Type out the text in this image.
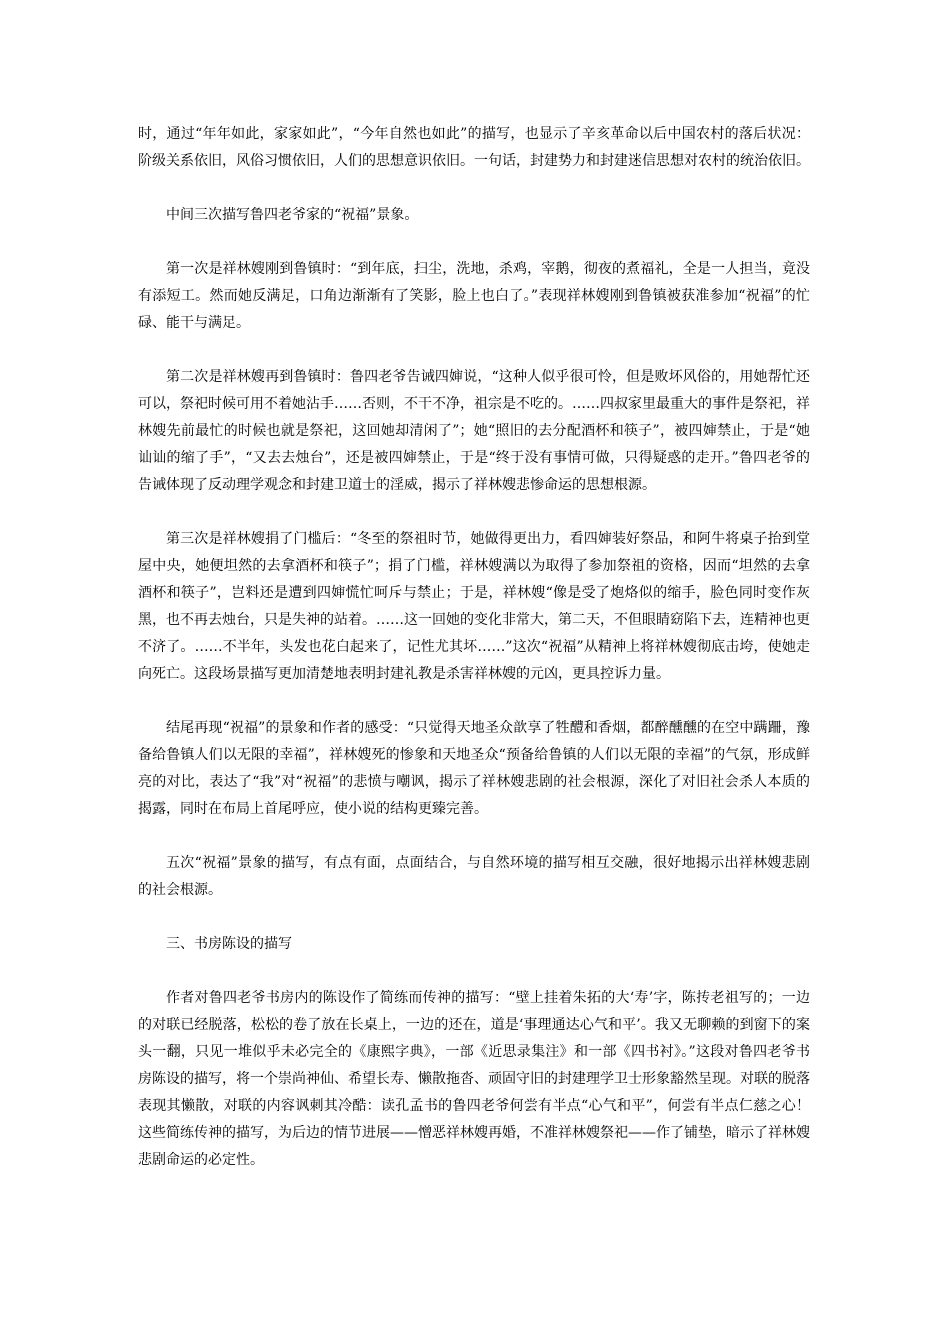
时，通过“年年如此，家家如此”，“今年自然也如此”的描写，也显示了辛亥革命以后中国农村的落后状况：阶级关系依旧，风俗习惯依旧，人们的思想意识依旧。一句话，封建势力和封建迷信思想对农村的统治依旧。

中间三次描写鲁四老爷家的“祝福”景象。

第一次是祥林嫂刚到鲁镇时：“到年底，扫尘，洗地，杀鸡，宰鹅，彻夜的煮福礼，全是一人担当，竟没有添短工。然而她反满足，口角边渐渐有了笑影，脸上也白了。”表现祥林嫂刚到鲁镇被获准参加“祝福”的忙碌、能干与满足。

第二次是祥林嫂再到鲁镇时：鲁四老爷告诫四婶说，“这种人似乎很可怜，但是败坏风俗的，用她帮忙还可以，祭祀时候可用不着她沾手……否则，不干不净，祖宗是不吃的。……四叔家里最重大的事件是祭祀，祥林嫂先前最忙的时候也就是祭祀，这回她却清闲了”；她“照旧的去分配酒杯和筷子”，被四婶禁止，于是“她讪讪的缩了手”，“又去去烛台”，还是被四婶禁止，于是“终于没有事情可做，只得疑惑的走开。”鲁四老爷的告诫体现了反动理学观念和封建卫道士的淫威，揭示了祥林嫂悲惨命运的思想根源。

第三次是祥林嫂捐了门槛后：“冬至的祭祖时节，她做得更出力，看四婶装好祭品，和阿牛将桌子抬到堂屋中央，她便坦然的去拿酒杯和筷子”；捐了门槛，祥林嫂满以为取得了参加祭祖的资格，因而“坦然的去拿酒杯和筷子”，岂料还是遭到四婶慌忙呵斥与禁止；于是，祥林嫂“像是受了炮烙似的缩手，脸色同时变作灰黑，也不再去烛台，只是失神的站着。……这一回她的变化非常大，第二天，不但眼睛窈陷下去，连精神也更不济了。……不半年，头发也花白起来了，记性尤其坏……”这次“祝福”从精神上将祥林嫂彻底击垮，使她走向死亡。这段场景描写更加清楚地表明封建礼教是杀害祥林嫂的元凶，更具控诉力量。

结尾再现“祝福”的景象和作者的感受：“只觉得天地圣众歆享了牲醴和香烟，都醉醺醺的在空中蹒跚，豫备给鲁镇人们以无限的幸福”，祥林嫂死的惨象和天地圣众“预备给鲁镇的人们以无限的幸福”的气氛，形成鲜亮的对比，表达了“我”对“祝福”的悲愤与嘲讽，揭示了祥林嫂悲剧的社会根源，深化了对旧社会杀人本质的揭露，同时在布局上首尾呼应，使小说的结构更臻完善。

五次“祝福”景象的描写，有点有面，点面结合，与自然环境的描写相互交融，很好地揭示出祥林嫂悲剧的社会根源。

三、书房陈设的描写

作者对鲁四老爷书房内的陈设作了简练而传神的描写：“壁上挂着朱拓的大‘寿’字，陈抟老祖写的；一边的对联已经脱落，松松的卷了放在长桌上，一边的还在，道是‘事理通达心气和平’。我又无聊赖的到窗下的案头一翻，只见一堆似乎未必完全的《康熙字典》，一部《近思录集注》和一部《四书衬》。”这段对鲁四老爷书房陈设的描写，将一个崇尚神仙、希望长寿、懒散拖沓、顽固守旧的封建理学卫士形象豁然呈现。对联的脱落表现其懒散，对联的内容讽刺其冷酷：读孔孟书的鲁四老爷何尝有半点“心气和平”，何尝有半点仁慈之心！这些简练传神的描写，为后边的情节进展——憎恶祥林嫂再婚，不准祥林嫂祭祀——作了铺垫，暗示了祥林嫂悲剧命运的必定性。
